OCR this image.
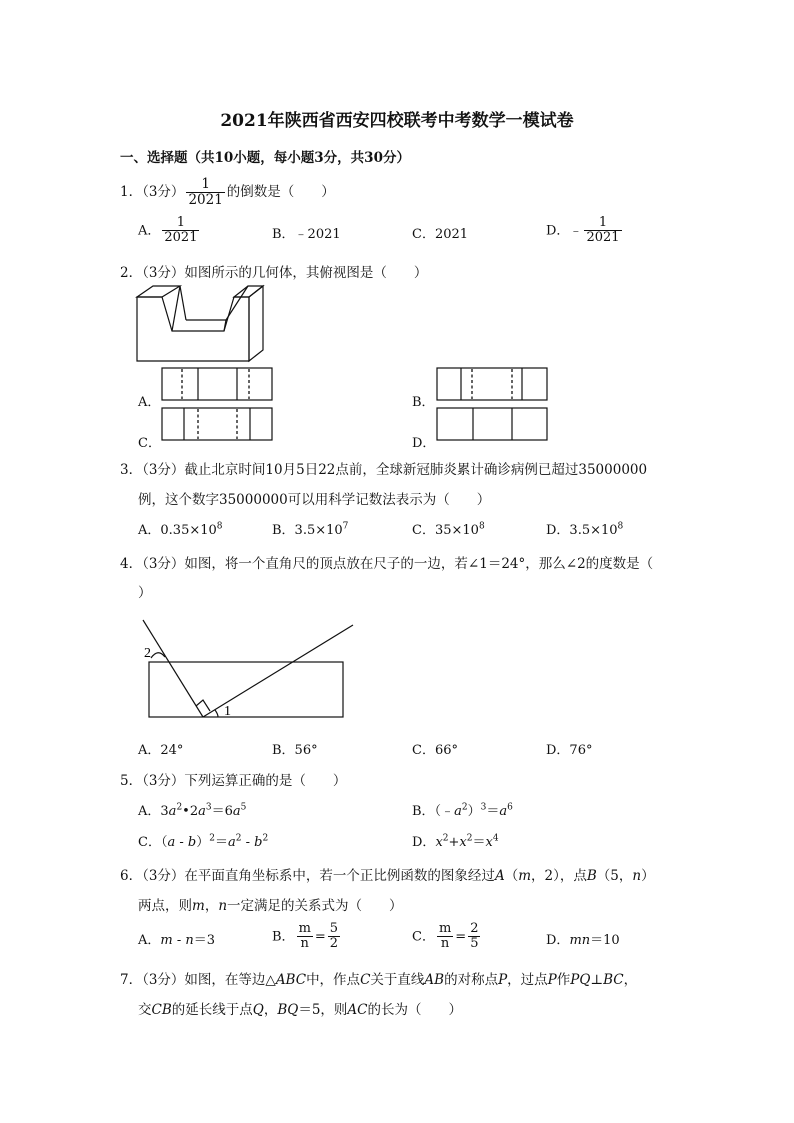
2021年陕西省西安四校联考中考数学一模试卷
一、选择题（共10小题，每小题3分，共30分）
1．（3分） $\frac{1}{2021}$ 的倒数是（　　）
A． $\frac{1}{2021}$	B．﹣2021	C．2021	D．﹣ $\frac{1}{2021}$
2．（3分）如图所示的几何体，其俯视图是（　　）
A．	B．
C．	D．
3．（3分）截止北京时间10月5日22点前，全球新冠肺炎累计确诊病例已超过35000000
例，这个数字35000000可以用科学记数法表示为（　　）
A．$0.35\times 10^8$	B．$3.5\times 10^7$	C．$35\times 10^8$	D．$3.5\times 10^8$
4．（3分）如图，将一个直角尺的顶点放在尺子的一边，若∠1＝24°，那么∠2的度数是（
）
2
1
A．24°	B．56°	C．66°	D．76°
5．（3分）下列运算正确的是（　　）
A．$3a^2•2a^3=6a^5$	B．$(﹣a^2)^3=a^6$
C．$(a - b)^2=a^2 - b^2$	D．$x^2+x^2=x^4$
6．（3分）在平面直角坐标系中，若一个正比例函数的图象经过A（m，2），点B（5，n）
两点，则m，n一定满足的关系式为（　　）
A．m - n＝3	B． $\frac{m}{n} = \frac{5}{2}$	C． $\frac{m}{n} = \frac{2}{5}$	D．mn＝10
7．（3分）如图，在等边△ABC中，作点C关于直线AB的对称点P，过点P作PQ⊥BC，
交CB的延长线于点Q，BQ＝5，则AC的长为（　　）
